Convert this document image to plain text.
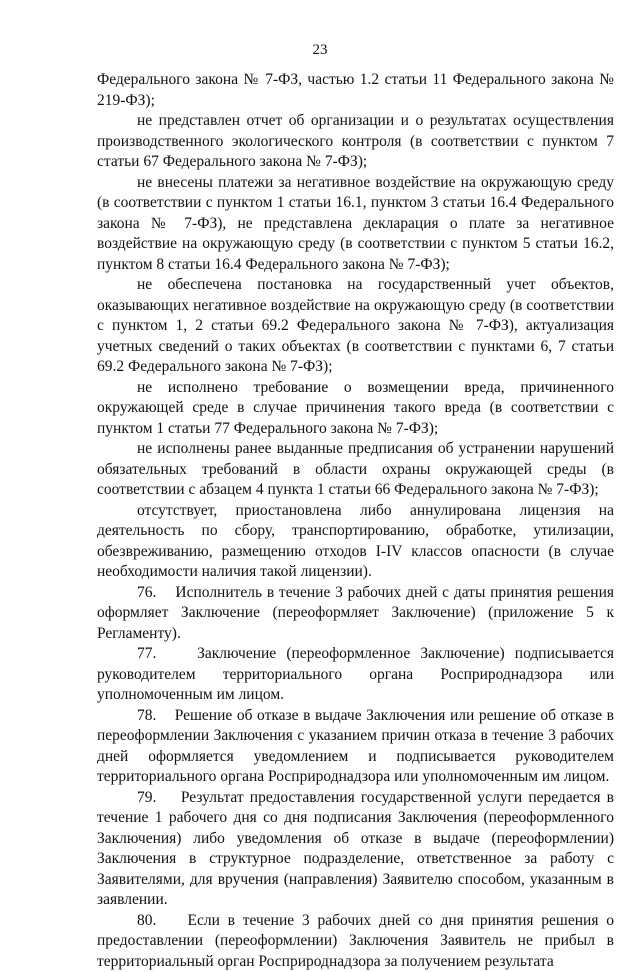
23

Федерального закона № 7-ФЗ, частью 1.2 статьи 11 Федерального закона № 219-ФЗ);

не представлен отчет об организации и о результатах осуществления производственного экологического контроля (в соответствии с пунктом 7 статьи 67 Федерального закона № 7-ФЗ);

не внесены платежи за негативное воздействие на окружающую среду (в соответствии с пунктом 1 статьи 16.1, пунктом 3 статьи 16.4 Федерального закона № 7-ФЗ), не представлена декларация о плате за негативное воздействие на окружающую среду (в соответствии с пунктом 5 статьи 16.2, пунктом 8 статьи 16.4 Федерального закона № 7-ФЗ);

не обеспечена постановка на государственный учет объектов, оказывающих негативное воздействие на окружающую среду (в соответствии с пунктом 1, 2 статьи 69.2 Федерального закона № 7-ФЗ), актуализация учетных сведений о таких объектах (в соответствии с пунктами 6, 7 статьи 69.2 Федерального закона № 7-ФЗ);

не исполнено требование о возмещении вреда, причиненного окружающей среде в случае причинения такого вреда (в соответствии с пунктом 1 статьи 77 Федерального закона № 7-ФЗ);

не исполнены ранее выданные предписания об устранении нарушений обязательных требований в области охраны окружающей среды (в соответствии с абзацем 4 пункта 1 статьи 66 Федерального закона № 7-ФЗ);

отсутствует, приостановлена либо аннулирована лицензия на деятельность по сбору, транспортированию, обработке, утилизации, обезвреживанию, размещению отходов I-IV классов опасности (в случае необходимости наличия такой лицензии).

76. Исполнитель в течение 3 рабочих дней с даты принятия решения оформляет Заключение (переоформляет Заключение) (приложение 5 к Регламенту).

77.	Заключение (переоформленное Заключение) подписывается руководителем территориального органа Росприроднадзора или уполномоченным им лицом.

78. Решение об отказе в выдаче Заключения или решение об отказе в переоформлении Заключения с указанием причин отказа в течение 3 рабочих дней оформляется уведомлением и подписывается руководителем территориального органа Росприроднадзора или уполномоченным им лицом.

79. Результат предоставления государственной услуги передается в течение 1 рабочего дня со дня подписания Заключения (переоформленного Заключения) либо уведомления об отказе в выдаче (переоформлении) Заключения в структурное подразделение, ответственное за работу с Заявителями, для вручения (направления) Заявителю способом, указанным в заявлении.

80. Если в течение 3 рабочих дней со дня принятия решения о предоставлении (переоформлении) Заключения Заявитель не прибыл в территориальный орган Росприроднадзора за получением результата
